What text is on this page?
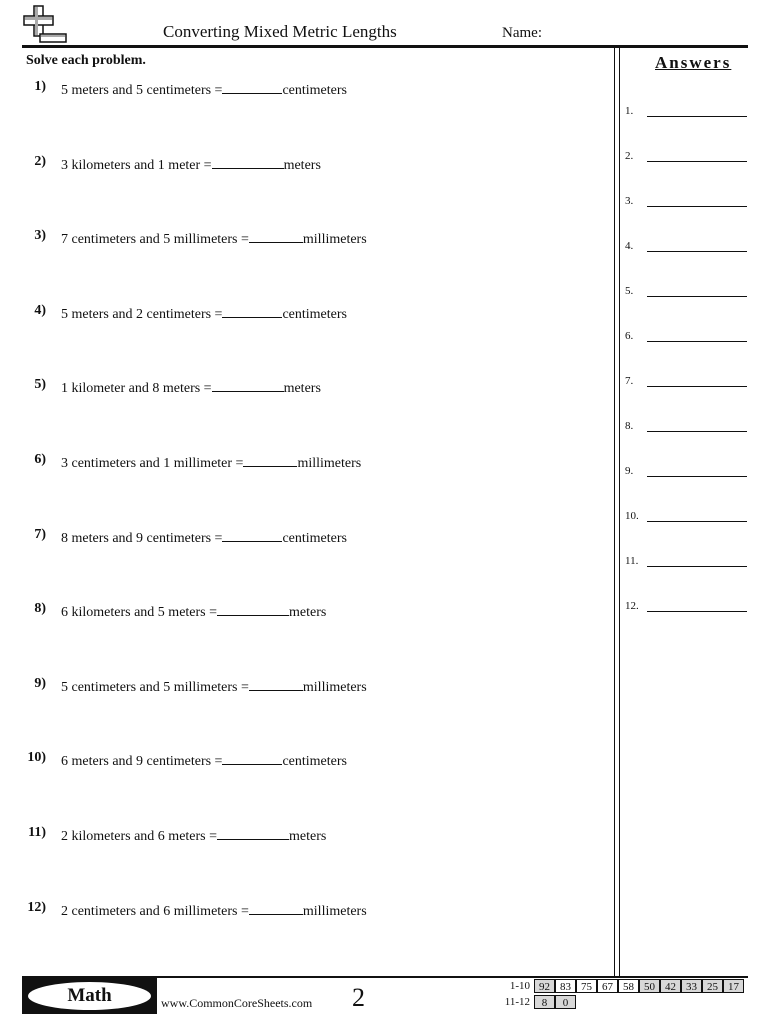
Converting Mixed Metric Lengths	Name:
Solve each problem.
1) 5 meters and 5 centimeters =	centimeters
2) 3 kilometers and 1 meter =	meters
3) 7 centimeters and 5 millimeters =	millimeters
4) 5 meters and 2 centimeters =	centimeters
5) 1 kilometer and 8 meters =	meters
6) 3 centimeters and 1 millimeter =	millimeters
7) 8 meters and 9 centimeters =	centimeters
8) 6 kilometers and 5 meters =	meters
9) 5 centimeters and 5 millimeters =	millimeters
10) 6 meters and 9 centimeters =	centimeters
11) 2 kilometers and 6 meters =	meters
12) 2 centimeters and 6 millimeters =	millimeters
Answers
1.
2.
3.
4.
5.
6.
7.
8.
9.
10.
11.
12.
Math	www.CommonCoreSheets.com 2	1-10 92 83 75 67 58 50 42 33 25 17
11-12	8	0
